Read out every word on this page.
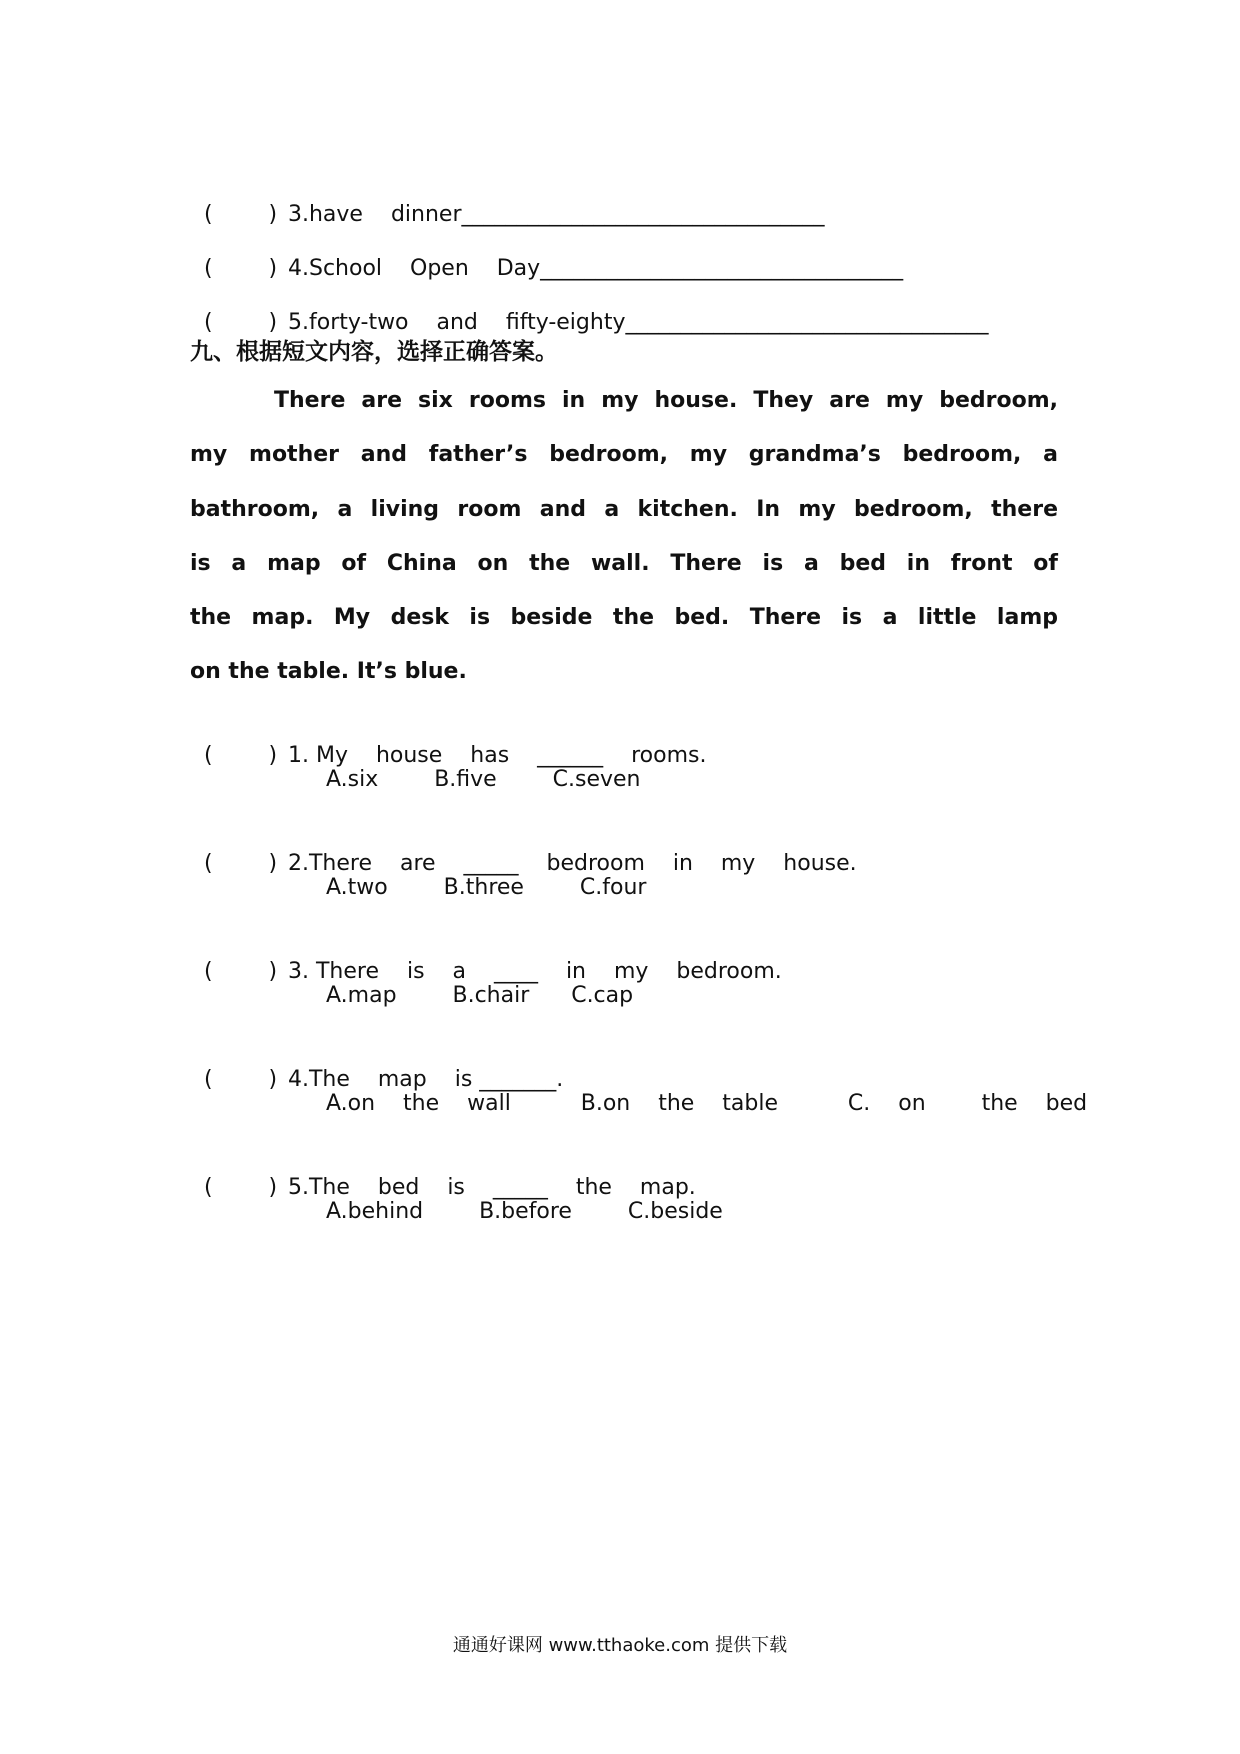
(        ) 3.have    dinner_________________________________

(        ) 4.School    Open    Day_________________________________

(        ) 5.forty-two    and    fifty-eighty_________________________________

九、根据短文内容，选择正确答案。
There are six rooms in my house. They are my bedroom,
my mother and father’s bedroom, my grandma’s bedroom, a
bathroom, a living room and a kitchen. In my bedroom, there
is a map of China on the wall. There is a bed in front of
the map. My desk is beside the bed. There is a little lamp
on the table. It’s blue.

(        ) 1. My    house    has    ______    rooms.

A.six        B.five        C.seven

(        ) 2.There    are    _____    bedroom    in    my    house.

A.two        B.three        C.four

(        ) 3. There    is    a    ____    in    my    bedroom.

A.map        B.chair      C.cap

(        ) 4.The    map    is _______.

A.on    the    wall          B.on    the    table          C.    on        the    bed

(        ) 5.The    bed    is    _____    the    map.

A.behind        B.before        C.beside
通通好课网 www.tthaoke.com 提供下载
